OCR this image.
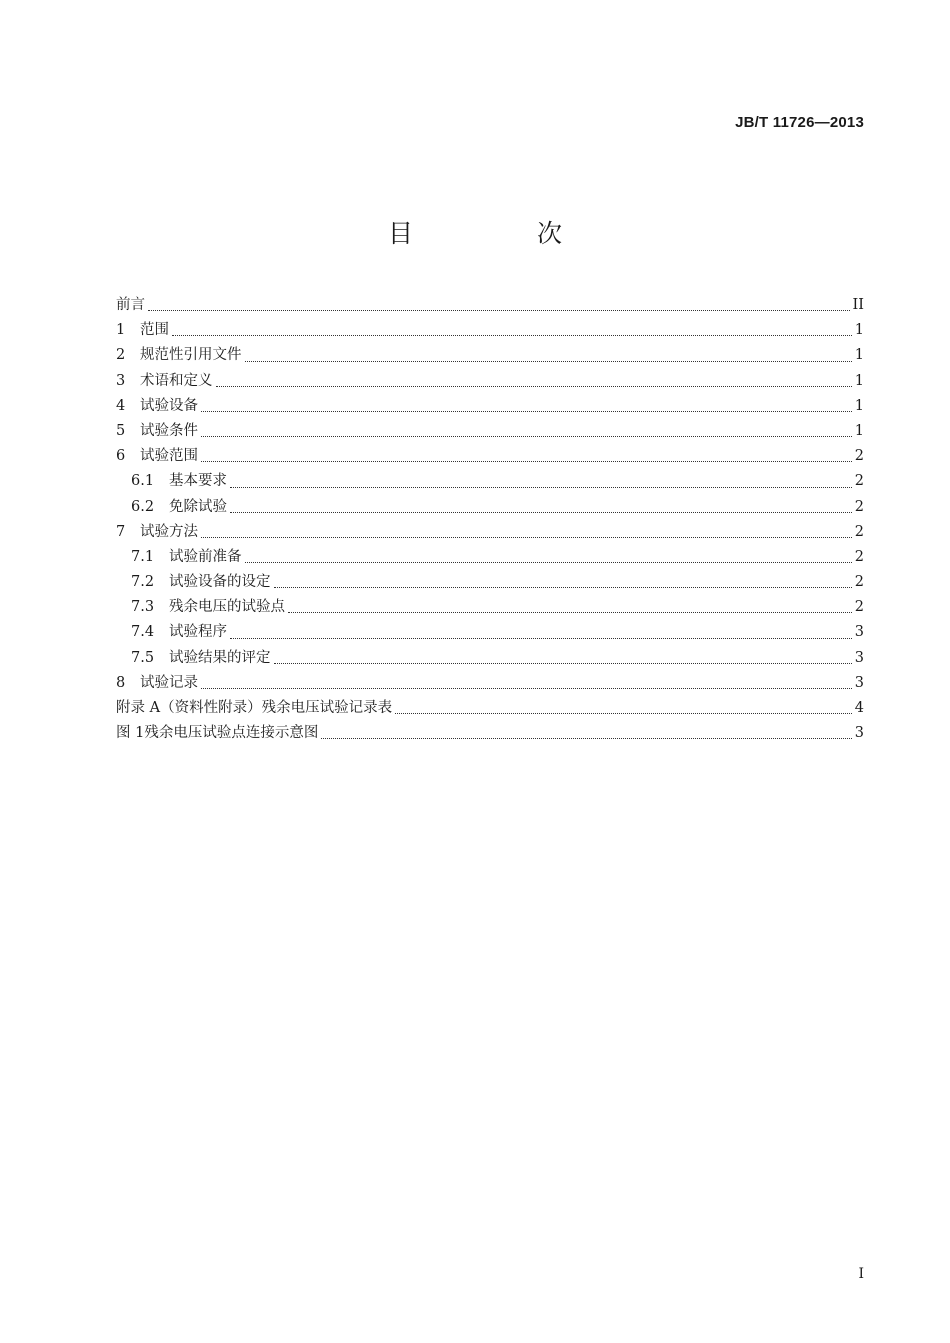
JB/T 11726—2013
目 次
前言	II
1	范围	1
2	规范性引用文件	1
3	术语和定义	1
4	试验设备	1
5	试验条件	1
6	试验范围	2
6.1	基本要求	2
6.2	免除试验	2
7	试验方法	2
7.1	试验前准备	2
7.2	试验设备的设定	2
7.3	残余电压的试验点	2
7.4	试验程序	3
7.5	试验结果的评定	3
8	试验记录	3
附录 A（资料性附录）残余电压试验记录表	4
图 1 残余电压试验点连接示意图	3
I
